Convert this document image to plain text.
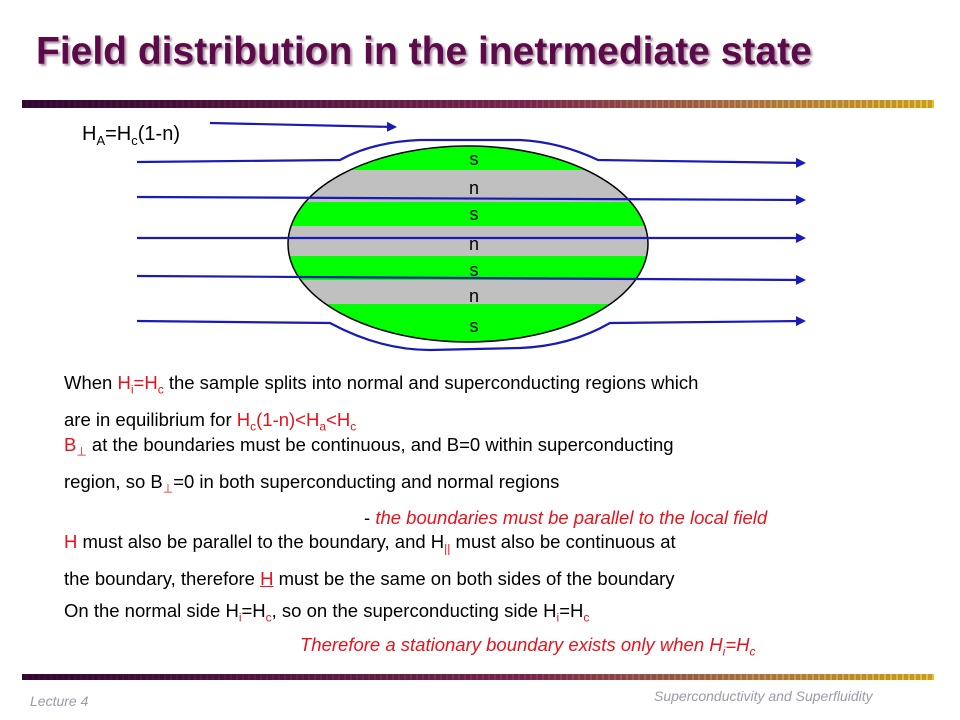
Field distribution in the inetrmediate state
s
n
s
n
s
n
s
$H_A=H_c(1-n)$
When $H_i=H_c$ the sample splits into normal and superconducting regions which
are in equilibrium for $H_c(1-n)<H_a<H_c$
$B_\perp$ at the boundaries must be continuous, and B=0 within superconducting
region, so $B_\perp=0$ in both superconducting and normal regions
- the boundaries must be parallel to the local field
H must also be parallel to the boundary, and $H_{||}$ must also be continuous at
the boundary, therefore H must be the same on both sides of the boundary
On the normal side $H_i=H_c$, so on the superconducting side $H_i=H_c$
Therefore a stationary boundary exists only when $H_i=H_c$
Lecture 4	Superconductivity and Superfluidity
